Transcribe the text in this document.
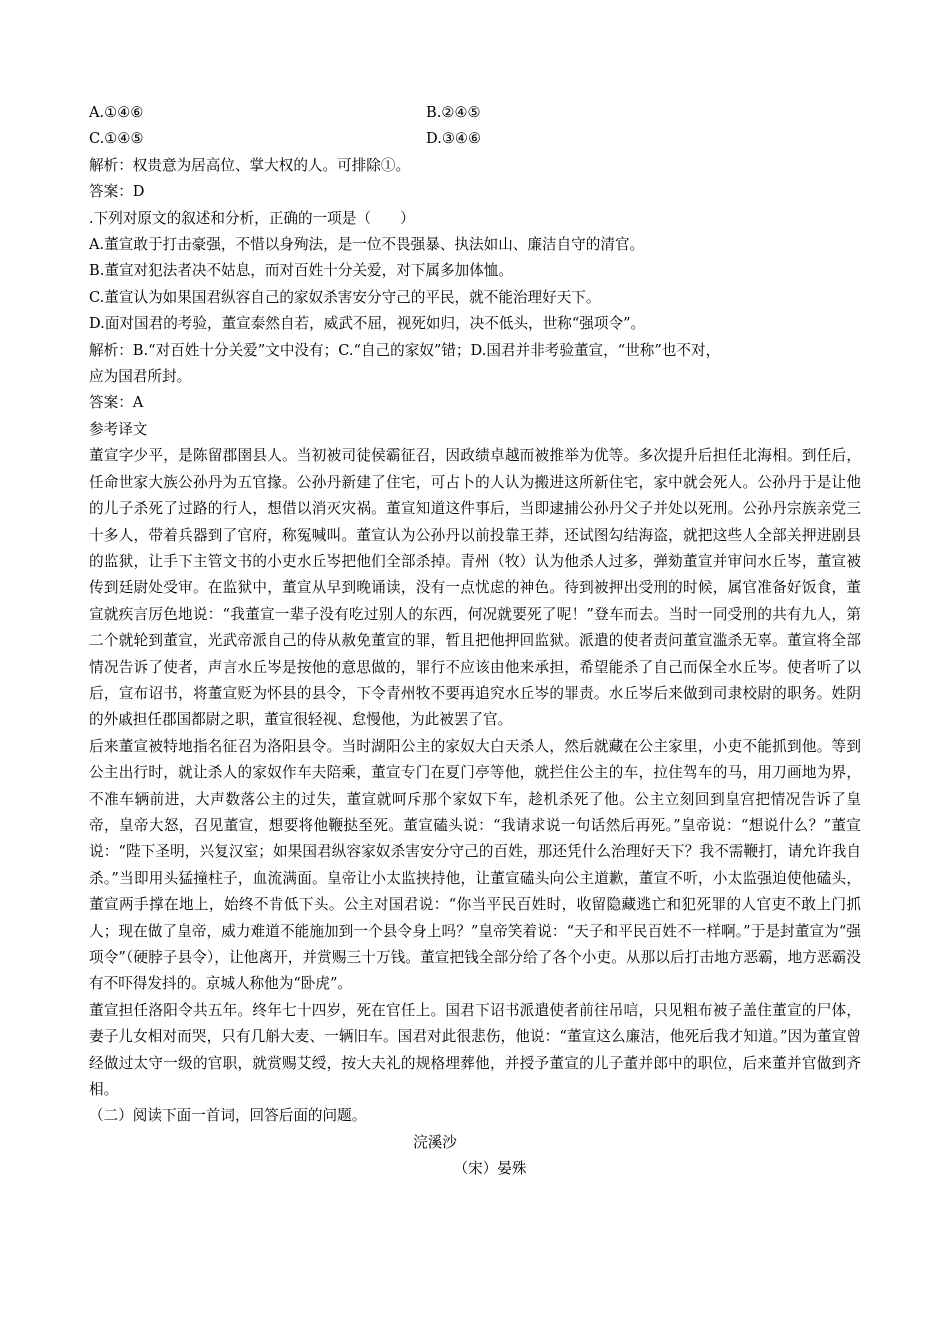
A.①④⑥	B.②④⑤
C.①④⑤	D.③④⑥
解析：权贵意为居高位、掌大权的人。可排除①。
答案：D
.下列对原文的叙述和分析，正确的一项是（　　）
A.董宣敢于打击豪强，不惜以身殉法，是一位不畏强暴、执法如山、廉洁自守的清官。
B.董宣对犯法者决不姑息，而对百姓十分关爱，对下属多加体恤。
C.董宣认为如果国君纵容自己的家奴杀害安分守己的平民，就不能治理好天下。
D.面对国君的考验，董宣泰然自若，威武不屈，视死如归，决不低头，世称“强项令”。
解析：B.“对百姓十分关爱”文中没有；C.“自己的家奴”错；D.国君并非考验董宣，“世称”也不对，
应为国君所封。
答案：A
参考译文

董宣字少平，是陈留郡圉县人。当初被司徒侯霸征召，因政绩卓越而被推举为优等。多次提升后担任北海相。到任后，任命世家大族公孙丹为五官掾。公孙丹新建了住宅，可占卜的人认为搬进这所新住宅，家中就会死人。公孙丹于是让他的儿子杀死了过路的行人，想借以消灭灾祸。董宣知道这件事后，当即逮捕公孙丹父子并处以死刑。公孙丹宗族亲党三十多人，带着兵器到了官府，称冤喊叫。董宣认为公孙丹以前投靠王莽，还试图勾结海盗，就把这些人全部关押进剧县的监狱，让手下主管文书的小吏水丘岑把他们全部杀掉。青州（牧）认为他杀人过多，弹劾董宣并审问水丘岑，董宣被传到廷尉处受审。在监狱中，董宣从早到晚诵读，没有一点忧虑的神色。待到被押出受刑的时候，属官准备好饭食，董宣就疾言厉色地说：“我董宣一辈子没有吃过别人的东西，何况就要死了呢！”登车而去。当时一同受刑的共有九人，第二个就轮到董宣，光武帝派自己的侍从赦免董宣的罪，暂且把他押回监狱。派遣的使者责问董宣滥杀无辜。董宣将全部情况告诉了使者，声言水丘岑是按他的意思做的，罪行不应该由他来承担，希望能杀了自己而保全水丘岑。使者听了以后，宣布诏书，将董宣贬为怀县的县令，下令青州牧不要再追究水丘岑的罪责。水丘岑后来做到司隶校尉的职务。姓阴的外戚担任郡国都尉之职，董宣很轻视、怠慢他，为此被罢了官。

后来董宣被特地指名征召为洛阳县令。当时湖阳公主的家奴大白天杀人，然后就藏在公主家里，小吏不能抓到他。等到公主出行时，就让杀人的家奴作车夫陪乘，董宣专门在夏门亭等他，就拦住公主的车，拉住驾车的马，用刀画地为界，不准车辆前进，大声数落公主的过失，董宣就呵斥那个家奴下车，趁机杀死了他。公主立刻回到皇宫把情况告诉了皇帝，皇帝大怒，召见董宣，想要将他鞭挞至死。董宣磕头说：“我请求说一句话然后再死。”皇帝说：“想说什么？”董宣说：“陛下圣明，兴复汉室；如果国君纵容家奴杀害安分守己的百姓，那还凭什么治理好天下？我不需鞭打，请允许我自杀。”当即用头猛撞柱子，血流满面。皇帝让小太监挟持他，让董宣磕头向公主道歉，董宣不听，小太监强迫使他磕头，董宣两手撑在地上，始终不肯低下头。公主对国君说：“你当平民百姓时，收留隐藏逃亡和犯死罪的人官吏不敢上门抓人；现在做了皇帝，威力难道不能施加到一个县令身上吗？”皇帝笑着说：“天子和平民百姓不一样啊。”于是封董宣为“强项令”（硬脖子县令），让他离开，并赏赐三十万钱。董宣把钱全部分给了各个小吏。从那以后打击地方恶霸，地方恶霸没有不吓得发抖的。京城人称他为“卧虎”。

董宣担任洛阳令共五年。终年七十四岁，死在官任上。国君下诏书派遣使者前往吊唁，只见粗布被子盖住董宣的尸体，妻子儿女相对而哭，只有几斛大麦、一辆旧车。国君对此很悲伤，他说：“董宣这么廉洁，他死后我才知道。”因为董宣曾经做过太守一级的官职，就赏赐艾绶，按大夫礼的规格埋葬他，并授予董宣的儿子董并郎中的职位，后来董并官做到齐相。

（二）阅读下面一首词，回答后面的问题。
浣溪沙
（宋）晏殊
